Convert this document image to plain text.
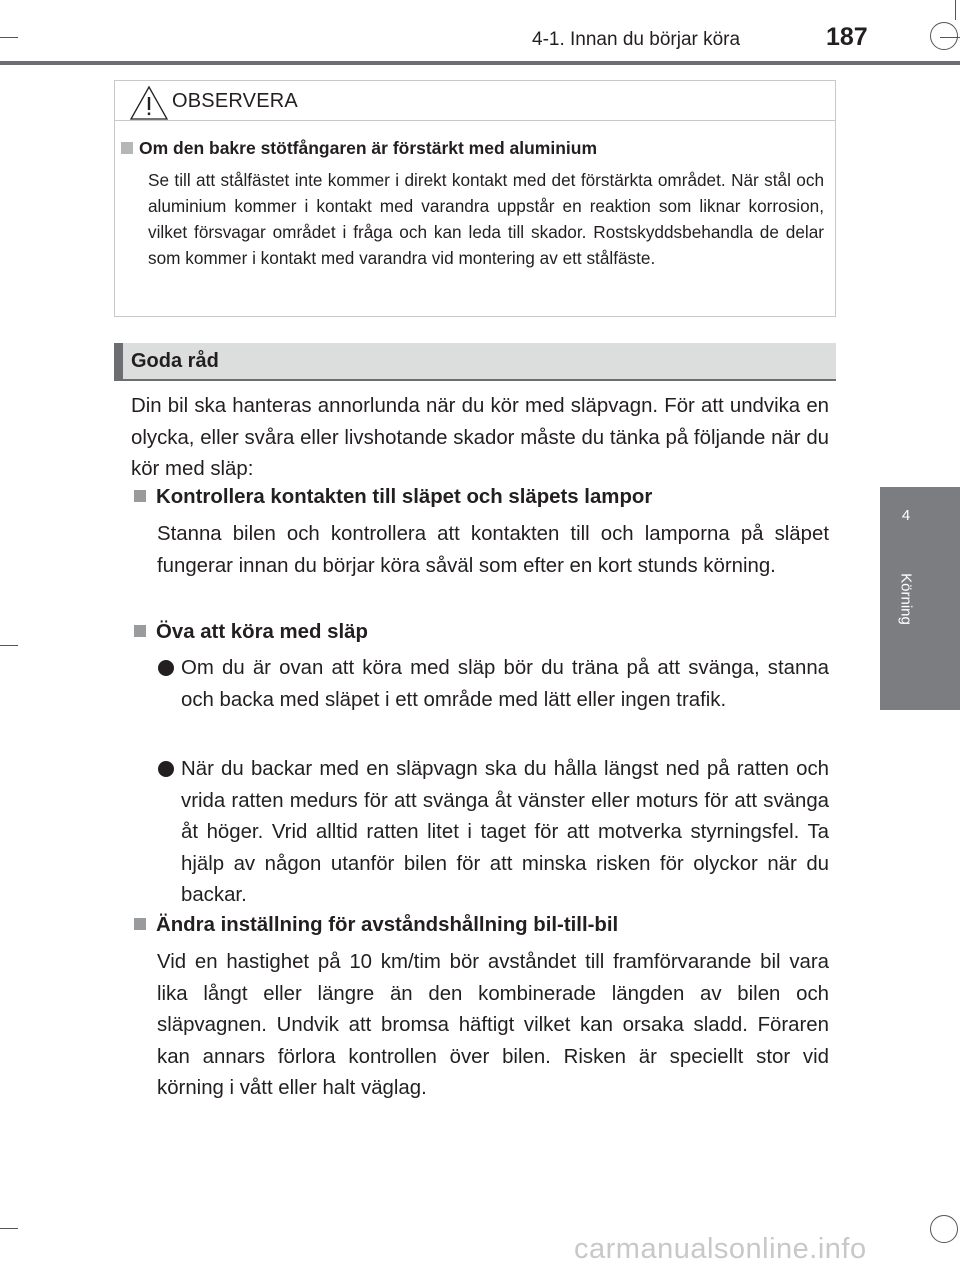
4-1. Innan du börjar köra	187
4
Körning
OBSERVERA
Om den bakre stötfångaren är förstärkt med aluminium
Se till att stålfästet inte kommer i direkt kontakt med det förstärkta området. När stål och aluminium kommer i kontakt med varandra uppstår en reaktion som liknar korrosion, vilket försvagar området i fråga och kan leda till skador. Rostskyddsbehandla de delar som kommer i kontakt med varandra vid montering av ett stålfäste.
Goda råd
Din bil ska hanteras annorlunda när du kör med släpvagn. För att undvika en olycka, eller svåra eller livshotande skador måste du tänka på följande när du kör med släp:
Kontrollera kontakten till släpet och släpets lampor
Stanna bilen och kontrollera att kontakten till och lamporna på släpet fungerar innan du börjar köra såväl som efter en kort stunds körning.
Öva att köra med släp
Om du är ovan att köra med släp bör du träna på att svänga, stanna och backa med släpet i ett område med lätt eller ingen trafik.
När du backar med en släpvagn ska du hålla längst ned på ratten och vrida ratten medurs för att svänga åt vänster eller moturs för att svänga åt höger. Vrid alltid ratten litet i taget för att motverka styrningsfel. Ta hjälp av någon utanför bilen för att minska risken för olyckor när du backar.
Ändra inställning för avståndshållning bil-till-bil
Vid en hastighet på 10 km/tim bör avståndet till framförvarande bil vara lika långt eller längre än den kombinerade längden av bilen och släpvagnen. Undvik att bromsa häftigt vilket kan orsaka sladd. Föraren kan annars förlora kontrollen över bilen. Risken är speciellt stor vid körning i vått eller halt väglag.
carmanualsonline.info
